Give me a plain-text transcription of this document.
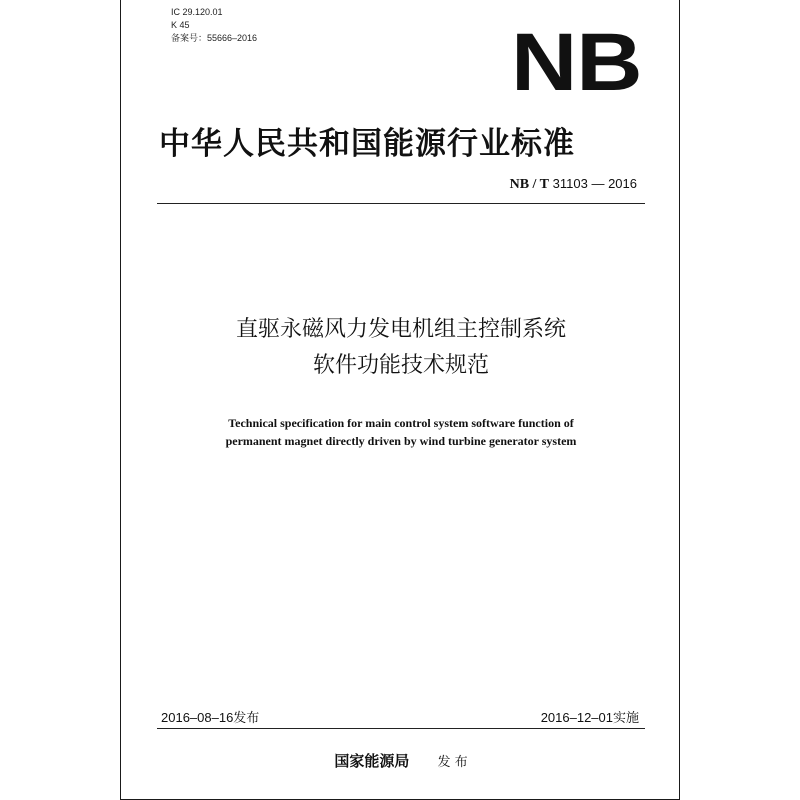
IC 29.120.01
K 45
备案号：55666–2016	NB
中华人民共和国能源行业标准
NB / T 31103 — 2016
直驱永磁风力发电机组主控制系统
软件功能技术规范
Technical specification for main control system software function of
permanent magnet directly driven by wind turbine generator system
2016–08–16发布	2016–12–01实施
国家能源局 发 布
